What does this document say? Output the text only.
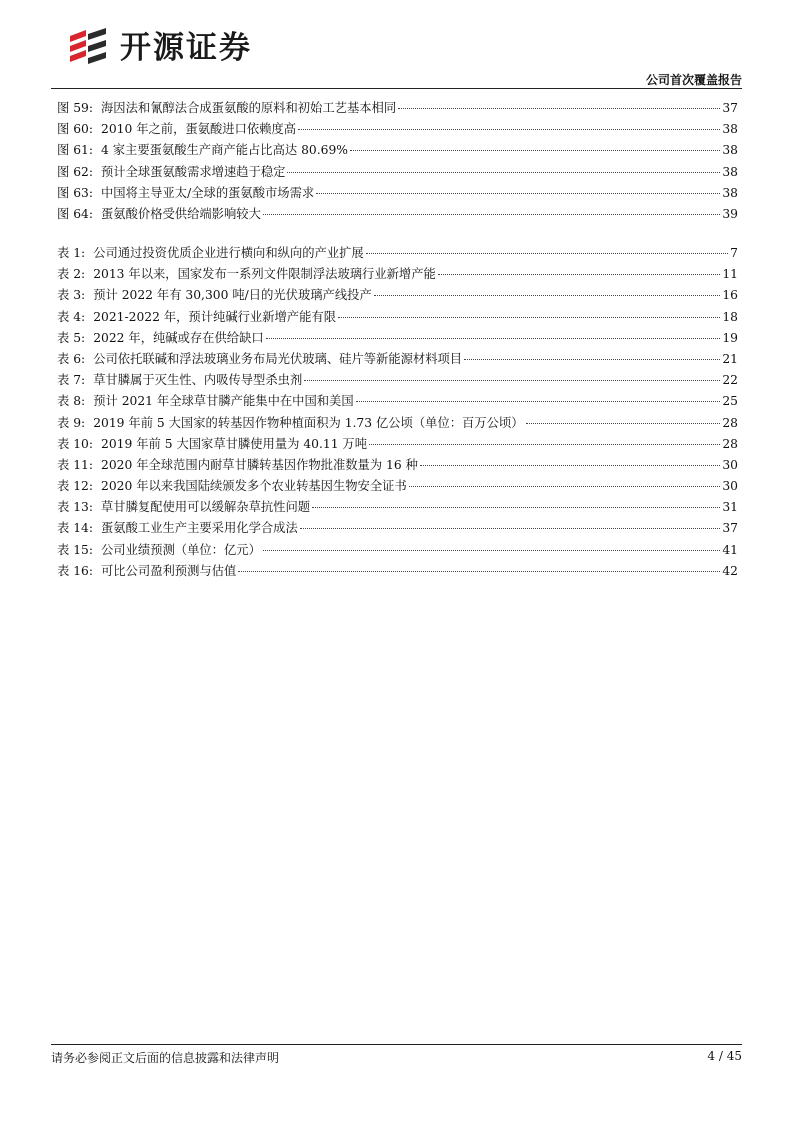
开源证券
公司首次覆盖报告
图 59: 海因法和氰醇法合成蛋氨酸的原料和初始工艺基本相同	37
图 60: 2010 年之前，蛋氨酸进口依赖度高	38
图 61: 4 家主要蛋氨酸生产商产能占比高达 80.69%	38
图 62: 预计全球蛋氨酸需求增速趋于稳定	38
图 63: 中国将主导亚太/全球的蛋氨酸市场需求	38
图 64: 蛋氨酸价格受供给端影响较大	39
表 1: 公司通过投资优质企业进行横向和纵向的产业扩展	7
表 2: 2013 年以来，国家发布一系列文件限制浮法玻璃行业新增产能	11
表 3: 预计 2022 年有 30,300 吨/日的光伏玻璃产线投产	16
表 4: 2021-2022 年，预计纯碱行业新增产能有限	18
表 5: 2022 年，纯碱或存在供给缺口	19
表 6: 公司依托联碱和浮法玻璃业务布局光伏玻璃、硅片等新能源材料项目	21
表 7: 草甘膦属于灭生性、内吸传导型杀虫剂	22
表 8: 预计 2021 年全球草甘膦产能集中在中国和美国	25
表 9: 2019 年前 5 大国家的转基因作物种植面积为 1.73 亿公顷（单位：百万公顷）	28
表 10: 2019 年前 5 大国家草甘膦使用量为 40.11 万吨	28
表 11: 2020 年全球范围内耐草甘膦转基因作物批准数量为 16 种	30
表 12: 2020 年以来我国陆续颁发多个农业转基因生物安全证书	30
表 13: 草甘膦复配使用可以缓解杂草抗性问题	31
表 14: 蛋氨酸工业生产主要采用化学合成法	37
表 15: 公司业绩预测（单位：亿元）	41
表 16: 可比公司盈利预测与估值	42
请务必参阅正文后面的信息披露和法律声明	4 / 45
